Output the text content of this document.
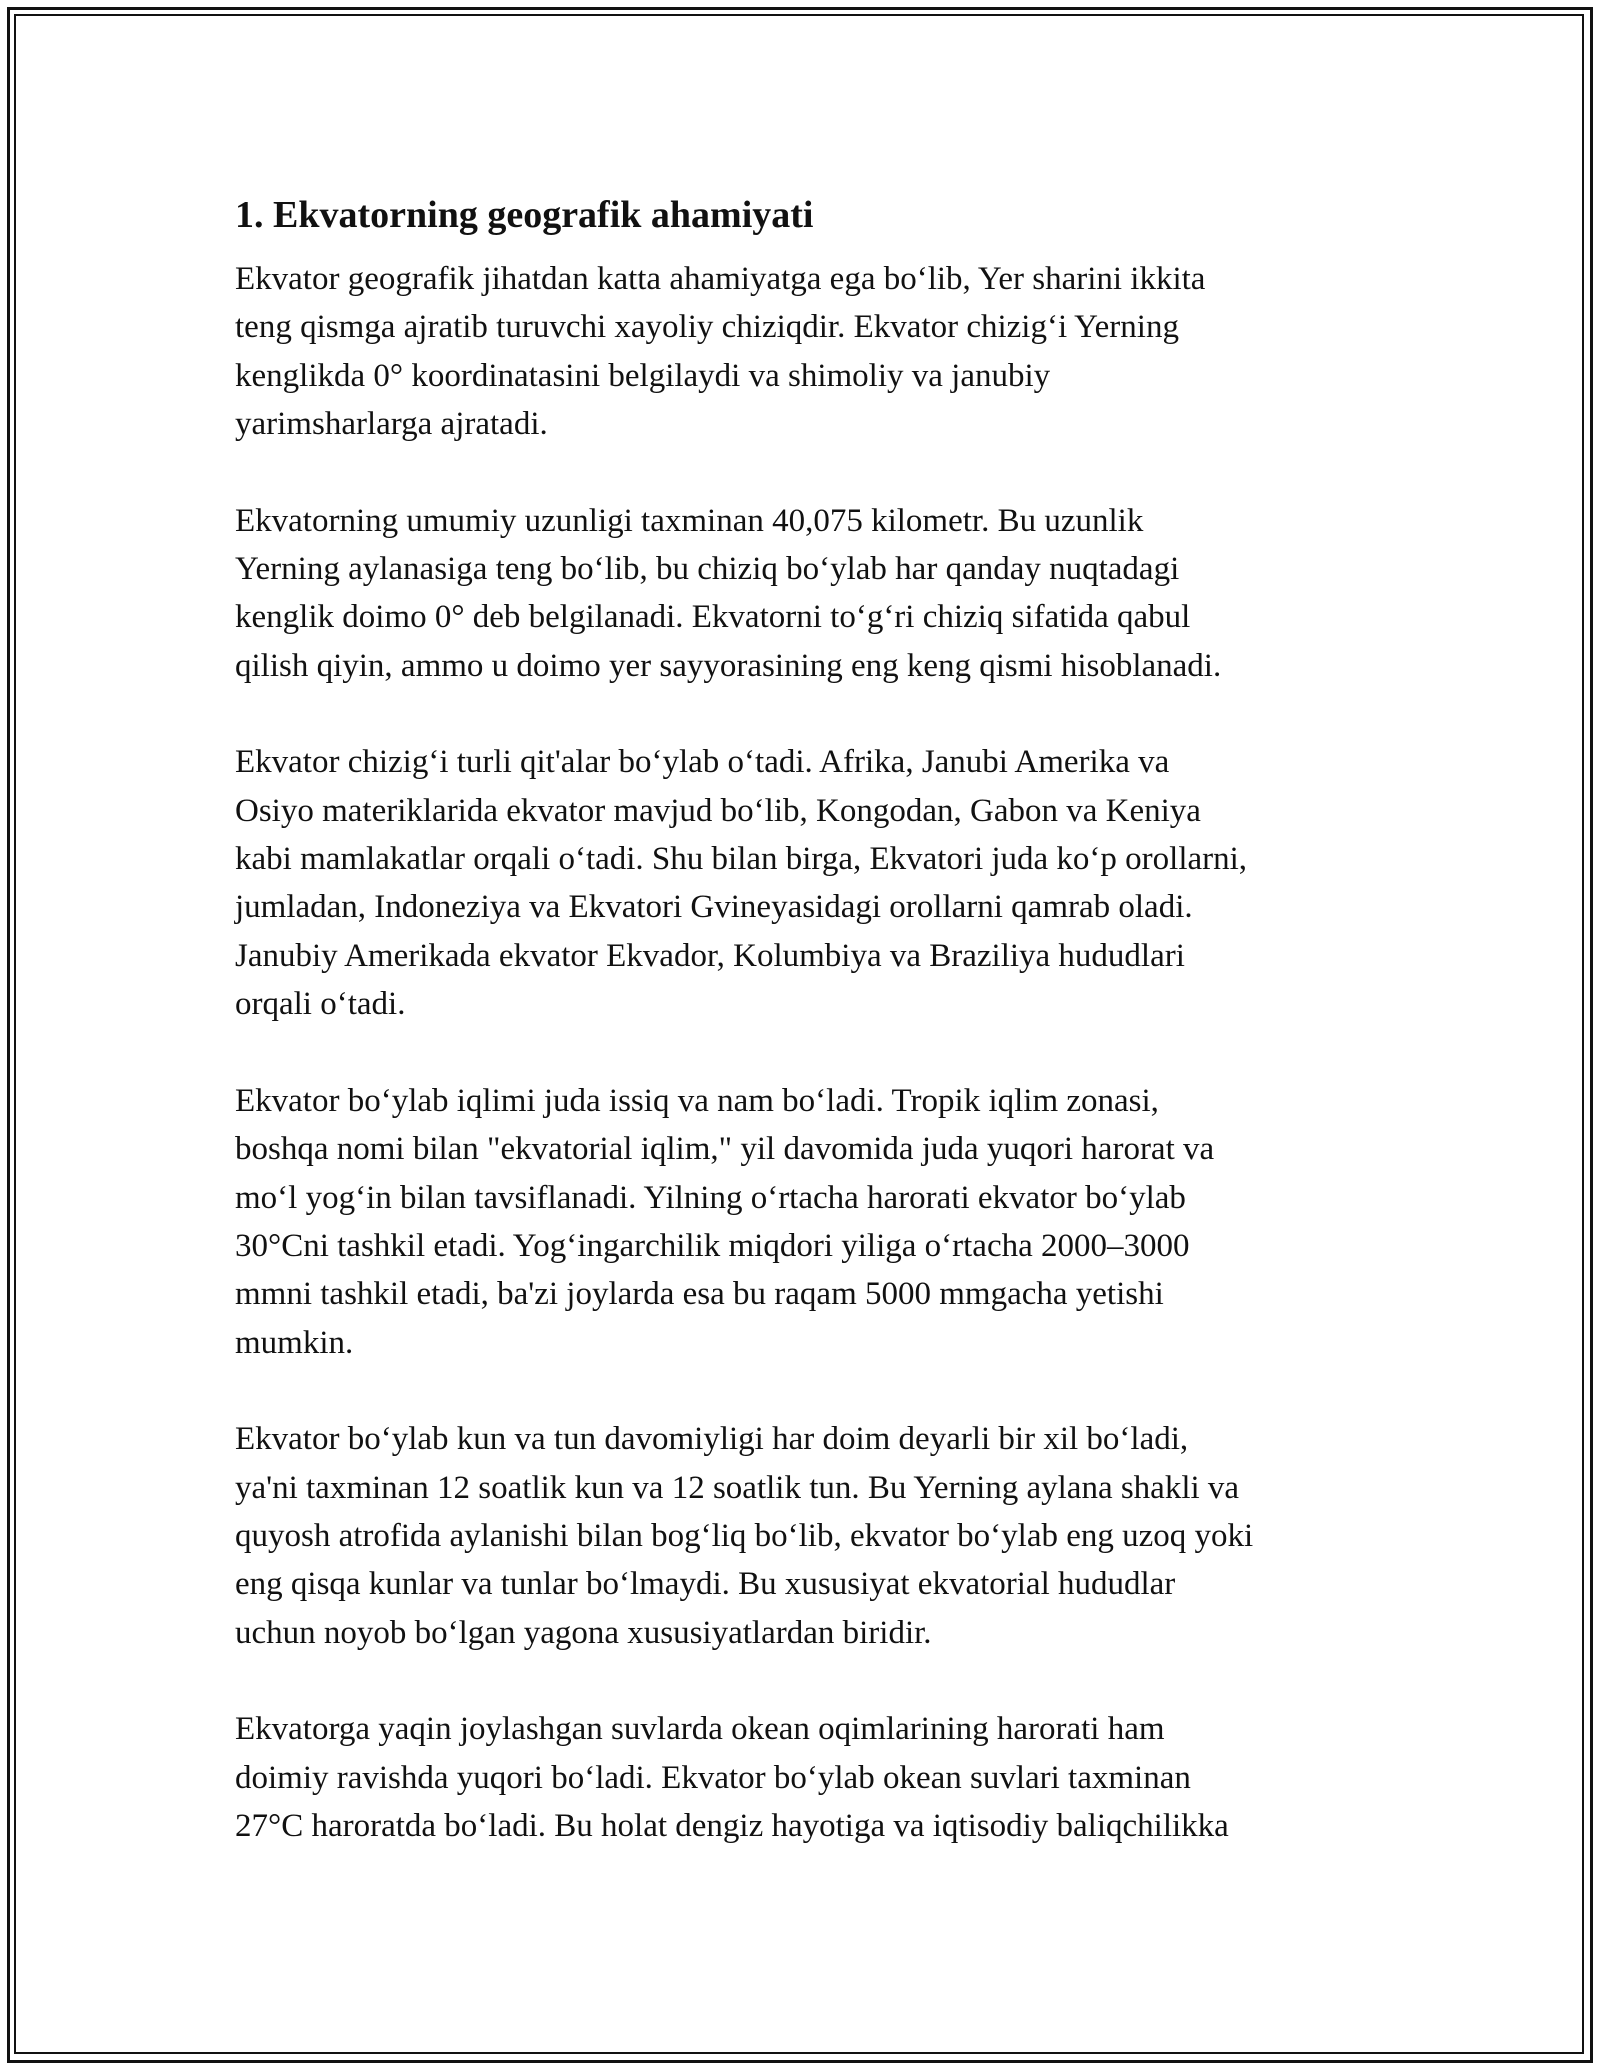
1. Ekvatorning geografik ahamiyati

Ekvator geografik jihatdan katta ahamiyatga ega bo‘lib, Yer sharini ikkita
teng qismga ajratib turuvchi xayoliy chiziqdir. Ekvator chizig‘i Yerning
kenglikda 0° koordinatasini belgilaydi va shimoliy va janubiy
yarimsharlarga ajratadi.

Ekvatorning umumiy uzunligi taxminan 40,075 kilometr. Bu uzunlik
Yerning aylanasiga teng bo‘lib, bu chiziq bo‘ylab har qanday nuqtadagi
kenglik doimo 0° deb belgilanadi. Ekvatorni to‘g‘ri chiziq sifatida qabul
qilish qiyin, ammo u doimo yer sayyorasining eng keng qismi hisoblanadi.

Ekvator chizig‘i turli qit'alar bo‘ylab o‘tadi. Afrika, Janubi Amerika va
Osiyo materiklarida ekvator mavjud bo‘lib, Kongodan, Gabon va Keniya
kabi mamlakatlar orqali o‘tadi. Shu bilan birga, Ekvatori juda ko‘p orollarni,
jumladan, Indoneziya va Ekvatori Gvineyasidagi orollarni qamrab oladi.
Janubiy Amerikada ekvator Ekvador, Kolumbiya va Braziliya hududlari
orqali o‘tadi.

Ekvator bo‘ylab iqlimi juda issiq va nam bo‘ladi. Tropik iqlim zonasi,
boshqa nomi bilan "ekvatorial iqlim," yil davomida juda yuqori harorat va
mo‘l yog‘in bilan tavsiflanadi. Yilning o‘rtacha harorati ekvator bo‘ylab
30°Cni tashkil etadi. Yog‘ingarchilik miqdori yiliga o‘rtacha 2000–3000
mmni tashkil etadi, ba'zi joylarda esa bu raqam 5000 mmgacha yetishi
mumkin.

Ekvator bo‘ylab kun va tun davomiyligi har doim deyarli bir xil bo‘ladi,
ya'ni taxminan 12 soatlik kun va 12 soatlik tun. Bu Yerning aylana shakli va
quyosh atrofida aylanishi bilan bog‘liq bo‘lib, ekvator bo‘ylab eng uzoq yoki
eng qisqa kunlar va tunlar bo‘lmaydi. Bu xususiyat ekvatorial hududlar
uchun noyob bo‘lgan yagona xususiyatlardan biridir.

Ekvatorga yaqin joylashgan suvlarda okean oqimlarining harorati ham
doimiy ravishda yuqori bo‘ladi. Ekvator bo‘ylab okean suvlari taxminan
27°C haroratda bo‘ladi. Bu holat dengiz hayotiga va iqtisodiy baliqchilikka
